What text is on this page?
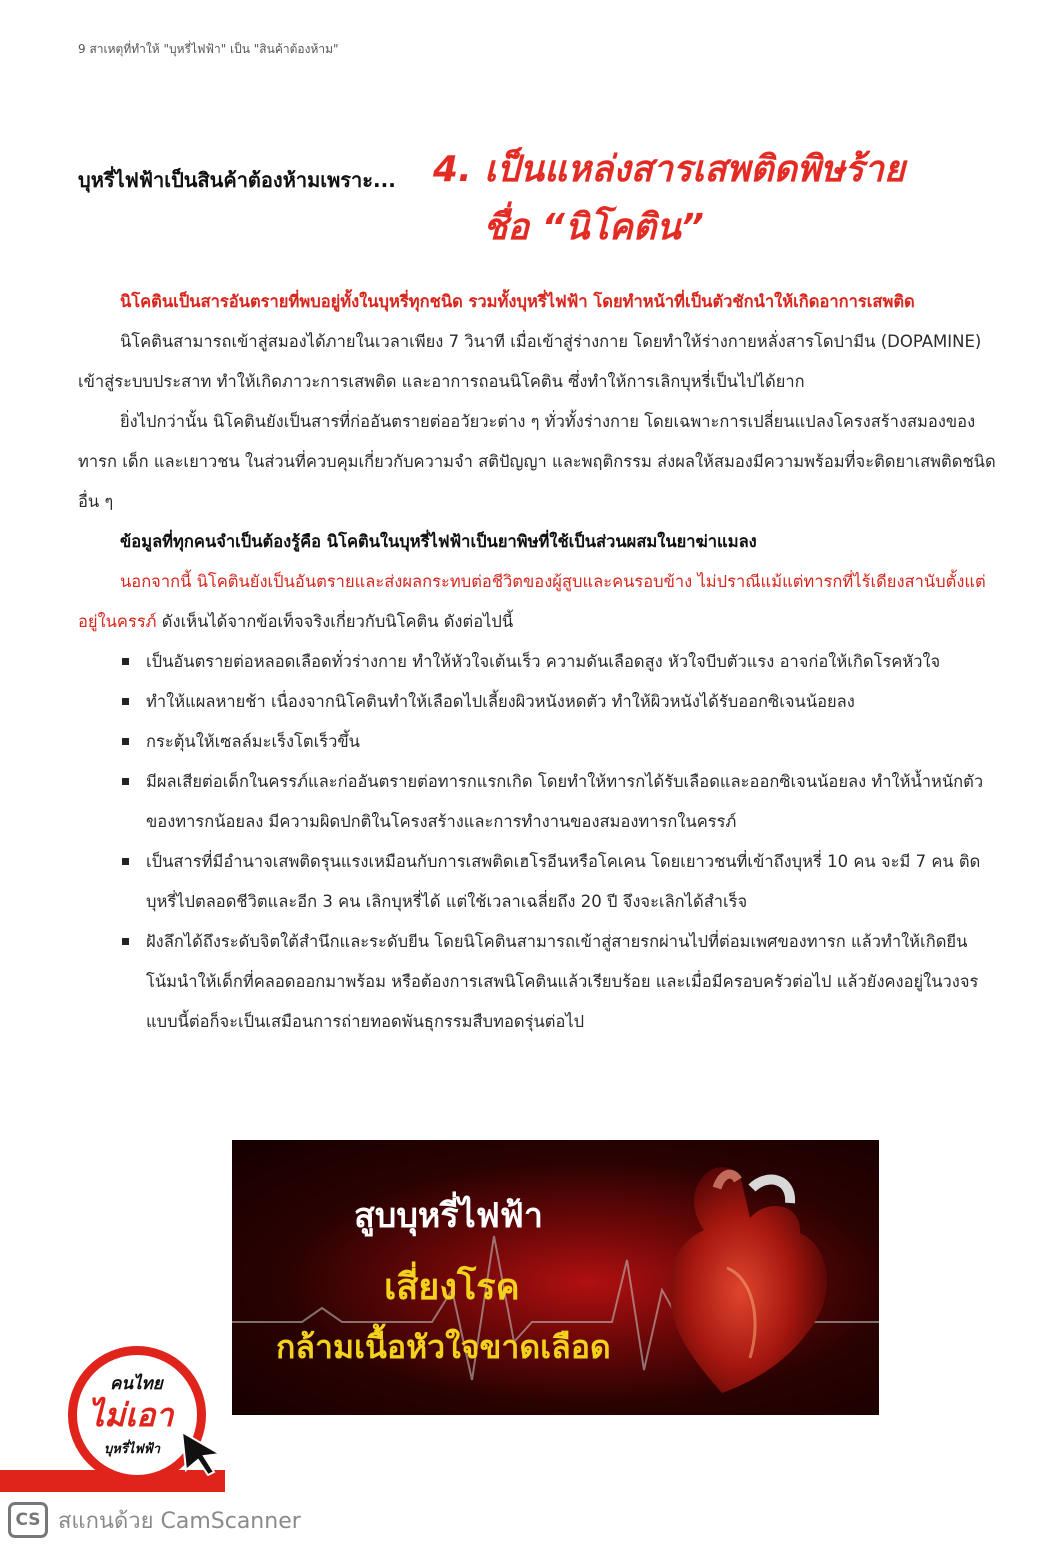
9 สาเหตุที่ทำให้ "บุหรี่ไฟฟ้า" เป็น "สินค้าต้องห้าม"
บุหรี่ไฟฟ้าเป็นสินค้าต้องห้ามเพราะ... 4. เป็นแหล่งสารเสพติดพิษร้าย
ชื่อ “นิโคติน”

นิโคตินเป็นสารอันตรายที่พบอยู่ทั้งในบุหรี่ทุกชนิด รวมทั้งบุหรี่ไฟฟ้า โดยทำหน้าที่เป็นตัวชักนำให้เกิดอาการเสพติด

นิโคตินสามารถเข้าสู่สมองได้ภายในเวลาเพียง 7 วินาที เมื่อเข้าสู่ร่างกาย โดยทำให้ร่างกายหลั่งสารโดปามีน (DOPAMINE) เข้าสู่ระบบประสาท ทำให้เกิดภาวะการเสพติด และอาการถอนนิโคติน ซึ่งทำให้การเลิกบุหรี่เป็นไปได้ยาก

ยิ่งไปกว่านั้น นิโคตินยังเป็นสารที่ก่ออันตรายต่ออวัยวะต่าง ๆ ทั่วทั้งร่างกาย โดยเฉพาะการเปลี่ยนแปลงโครงสร้างสมองของทารก เด็ก และเยาวชน ในส่วนที่ควบคุมเกี่ยวกับความจำ สติปัญญา และพฤติกรรม ส่งผลให้สมองมีความพร้อมที่จะติดยาเสพติดชนิดอื่น ๆ

ข้อมูลที่ทุกคนจำเป็นต้องรู้คือ นิโคตินในบุหรี่ไฟฟ้าเป็นยาพิษที่ใช้เป็นส่วนผสมในยาฆ่าแมลง

นอกจากนี้ นิโคตินยังเป็นอันตรายและส่งผลกระทบต่อชีวิตของผู้สูบและคนรอบข้าง ไม่ปราณีแม้แต่ทารกที่ไร้เดียงสานับตั้งแต่อยู่ในครรภ์ ดังเห็นได้จากข้อเท็จจริงเกี่ยวกับนิโคติน ดังต่อไปนี้

เป็นอันตรายต่อหลอดเลือดทั่วร่างกาย ทำให้หัวใจเต้นเร็ว ความดันเลือดสูง หัวใจบีบตัวแรง อาจก่อให้เกิดโรคหัวใจ
ทำให้แผลหายช้า เนื่องจากนิโคตินทำให้เลือดไปเลี้ยงผิวหนังหดตัว ทำให้ผิวหนังได้รับออกซิเจนน้อยลง
กระตุ้นให้เซลล์มะเร็งโตเร็วขึ้น
มีผลเสียต่อเด็กในครรภ์และก่ออันตรายต่อทารกแรกเกิด โดยทำให้ทารกได้รับเลือดและออกซิเจนน้อยลง ทำให้น้ำหนักตัวของทารกน้อยลง มีความผิดปกติในโครงสร้างและการทำงานของสมองทารกในครรภ์
เป็นสารที่มีอำนาจเสพติดรุนแรงเหมือนกับการเสพติดเฮโรอีนหรือโคเคน โดยเยาวชนที่เข้าถึงบุหรี่ 10 คน จะมี 7 คน ติดบุหรี่ไปตลอดชีวิตและอีก 3 คน เลิกบุหรี่ได้ แต่ใช้เวลาเฉลี่ยถึง 20 ปี จึงจะเลิกได้สำเร็จ
ฝังลึกได้ถึงระดับจิตใต้สำนึกและระดับยีน โดยนิโคตินสามารถเข้าสู่สายรกผ่านไปที่ต่อมเพศของทารก แล้วทำให้เกิดยีนโน้มนำให้เด็กที่คลอดออกมาพร้อม หรือต้องการเสพนิโคตินแล้วเรียบร้อย และเมื่อมีครอบครัวต่อไป แล้วยังคงอยู่ในวงจรแบบนี้ต่อก็จะเป็นเสมือนการถ่ายทอดพันธุกรรมสืบทอดรุ่นต่อไป
สูบบุหรี่ไฟฟ้า
เสี่ยงโรค
กล้ามเนื้อหัวใจขาดเลือด
คนไทย
ไม่เอา
บุหรี่ไฟฟ้า
CS สแกนด้วย CamScanner
